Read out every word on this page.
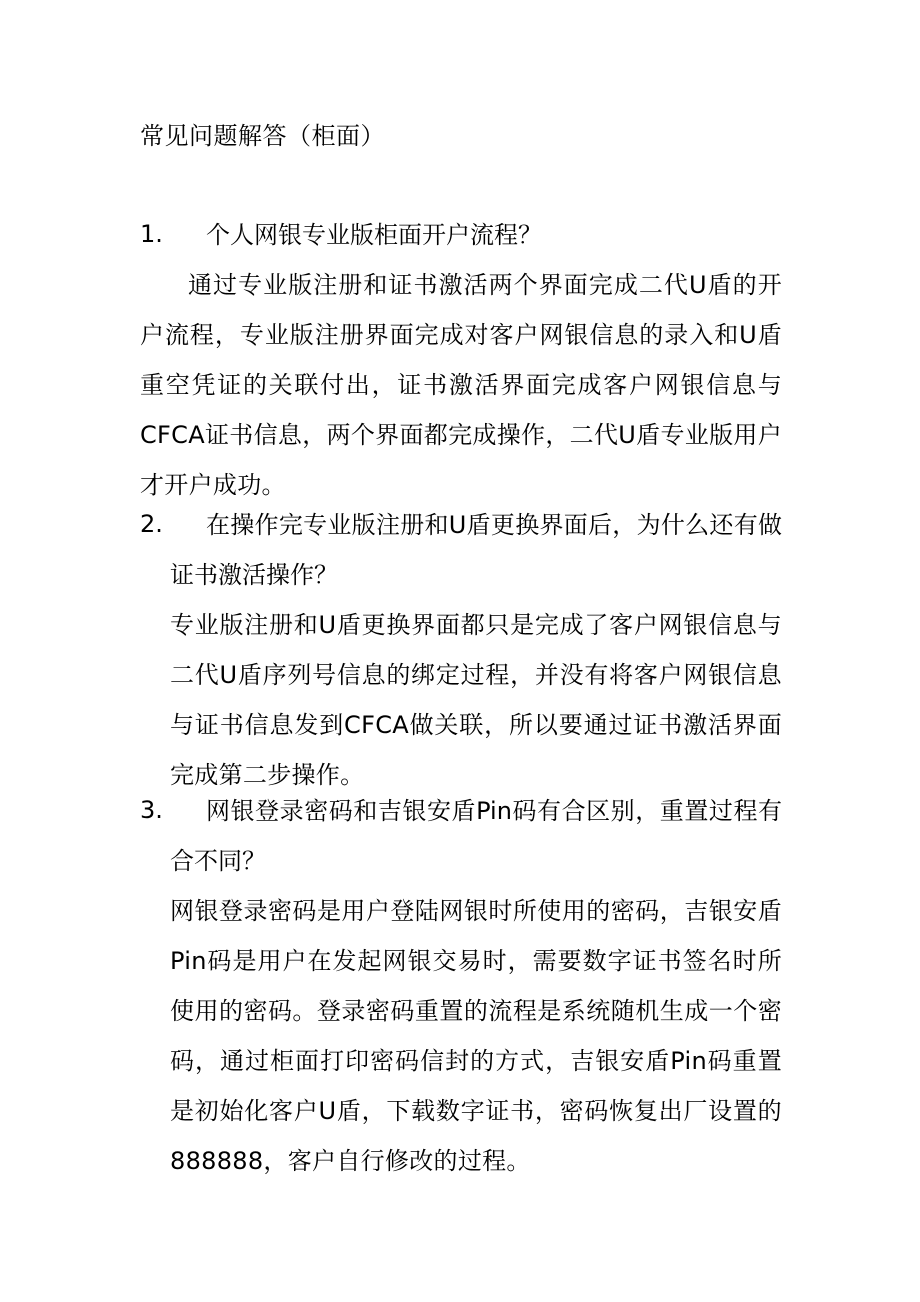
常见问题解答（柜面）

1.	个人网银专业版柜面开户流程？

通过专业版注册和证书激活两个界面完成二代U盾的开户流程，专业版注册界面完成对客户网银信息的录入和U盾重空凭证的关联付出，证书激活界面完成客户网银信息与CFCA证书信息，两个界面都完成操作，二代U盾专业版用户才开户成功。

2.	在操作完专业版注册和U盾更换界面后，为什么还有做证书激活操作？

专业版注册和U盾更换界面都只是完成了客户网银信息与二代U盾序列号信息的绑定过程，并没有将客户网银信息与证书信息发到CFCA做关联，所以要通过证书激活界面完成第二步操作。

3.	网银登录密码和吉银安盾Pin码有合区别，重置过程有合不同？

网银登录密码是用户登陆网银时所使用的密码，吉银安盾Pin码是用户在发起网银交易时，需要数字证书签名时所使用的密码。登录密码重置的流程是系统随机生成一个密码，通过柜面打印密码信封的方式，吉银安盾Pin码重置是初始化客户U盾，下载数字证书，密码恢复出厂设置的888888，客户自行修改的过程。
